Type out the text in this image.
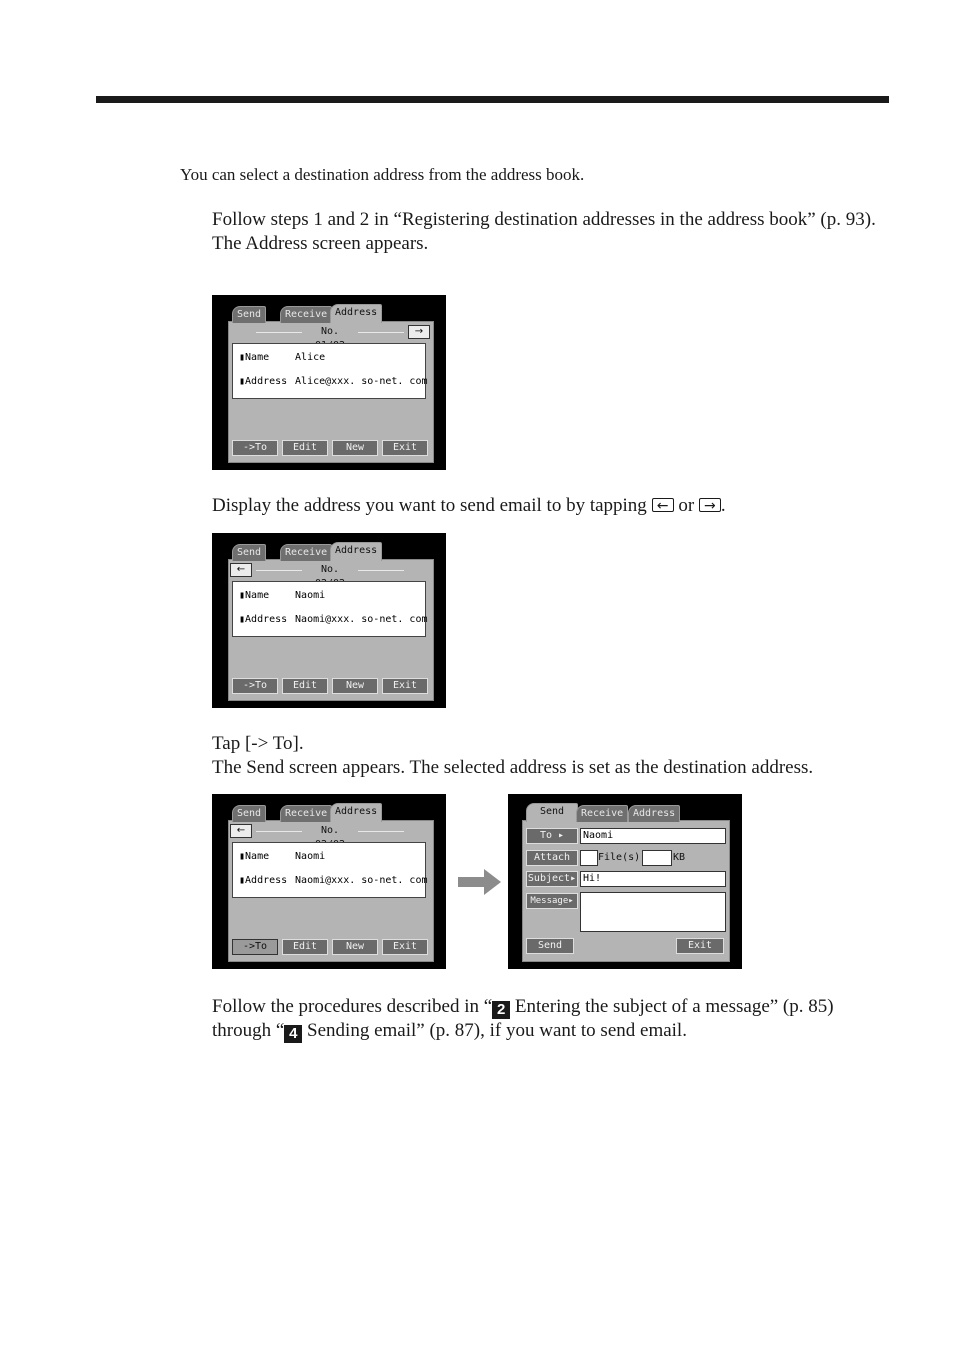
You can select a destination address from the address book.

Follow steps 1 and 2 in “Registering destination addresses in the address book” (p. 93).
The Address screen appears.

Send	Receive Address
No.	→
▮Name	Alice
▮Address Alice@xxx. so-net. com
->To	Edit	New	Exit

Display the address you want to send email to by tapping ← or → .

Send	Receive Address
←	No.
▮Name	Naomi
▮Address Naomi@xxx. so-net. com
->To	Edit	New	Exit

Tap [-> To].
The Send screen appears. The selected address is set as the destination address.

Send	Receive Address
←	No.
▮Name	Naomi
▮Address Naomi@xxx. so-net. com
->To	Edit	New	Exit
Send	Receive Address
To ▸	Naomi
Attach	File(s)	KB
Subject▸ Hi!
Message▸
Send	Exit

Follow the procedures described in “ 2 Entering the subject of a message” (p. 85) through “ 4 Sending email” (p. 87), if you want to send email.
